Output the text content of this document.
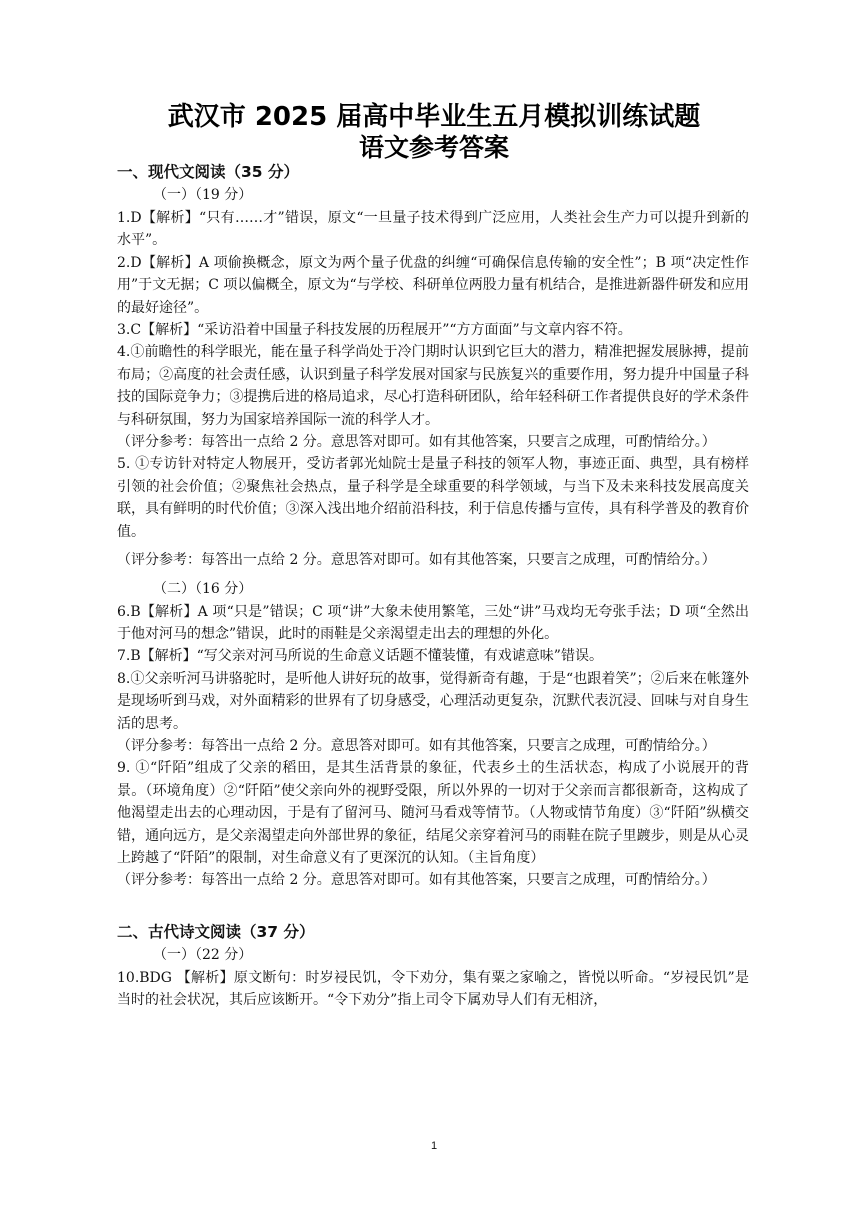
武汉市 2025 届高中毕业生五月模拟训练试题
语文参考答案

一、现代文阅读（35 分）

（一）（19 分）

1.D【解析】“只有……才”错误，原文“一旦量子技术得到广泛应用，人类社会生产力可以提升到新的水平”。

2.D【解析】A 项偷换概念，原文为两个量子优盘的纠缠“可确保信息传输的安全性”；B 项“决定性作用”于文无据；C 项以偏概全，原文为“与学校、科研单位两股力量有机结合，是推进新器件研发和应用的最好途径”。

3.C【解析】“采访沿着中国量子科技发展的历程展开”“方方面面”与文章内容不符。

4.①前瞻性的科学眼光，能在量子科学尚处于冷门期时认识到它巨大的潜力，精准把握发展脉搏，提前布局；②高度的社会责任感，认识到量子科学发展对国家与民族复兴的重要作用，努力提升中国量子科技的国际竞争力；③提携后进的格局追求，尽心打造科研团队，给年轻科研工作者提供良好的学术条件与科研氛围，努力为国家培养国际一流的科学人才。

（评分参考：每答出一点给 2 分。意思答对即可。如有其他答案，只要言之成理，可酌情给分。）

5. ①专访针对特定人物展开，受访者郭光灿院士是量子科技的领军人物，事迹正面、典型，具有榜样引领的社会价值；②聚焦社会热点，量子科学是全球重要的科学领域，与当下及未来科技发展高度关联，具有鲜明的时代价值；③深入浅出地介绍前沿科技，利于信息传播与宣传，具有科学普及的教育价值。

（评分参考：每答出一点给 2 分。意思答对即可。如有其他答案，只要言之成理，可酌情给分。）

（二）（16 分）

6.B【解析】A 项“只是”错误；C 项“讲”大象未使用繁笔，三处“讲”马戏均无夸张手法；D 项“全然出于他对河马的想念”错误，此时的雨鞋是父亲渴望走出去的理想的外化。

7.B【解析】“写父亲对河马所说的生命意义话题不懂装懂，有戏谑意味”错误。

8.①父亲听河马讲骆驼时，是听他人讲好玩的故事，觉得新奇有趣，于是“也跟着笑”；②后来在帐篷外是现场听到马戏，对外面精彩的世界有了切身感受，心理活动更复杂，沉默代表沉浸、回味与对自身生活的思考。

（评分参考：每答出一点给 2 分。意思答对即可。如有其他答案，只要言之成理，可酌情给分。）

9. ①“阡陌”组成了父亲的稻田，是其生活背景的象征，代表乡土的生活状态，构成了小说展开的背景。（环境角度）②“阡陌”使父亲向外的视野受限，所以外界的一切对于父亲而言都很新奇，这构成了他渴望走出去的心理动因，于是有了留河马、随河马看戏等情节。（人物或情节角度）③“阡陌”纵横交错，通向远方，是父亲渴望走向外部世界的象征，结尾父亲穿着河马的雨鞋在院子里踱步，则是从心灵上跨越了“阡陌”的限制，对生命意义有了更深沉的认知。（主旨角度）

（评分参考：每答出一点给 2 分。意思答对即可。如有其他答案，只要言之成理，可酌情给分。）

二、古代诗文阅读（37 分）

（一）（22 分）

10.BDG 【解析】原文断句：时岁祲民饥，令下劝分，集有粟之家喻之，皆悦以听命。“岁祲民饥”是当时的社会状况，其后应该断开。“令下劝分”指上司令下属劝导人们有无相济，

1
